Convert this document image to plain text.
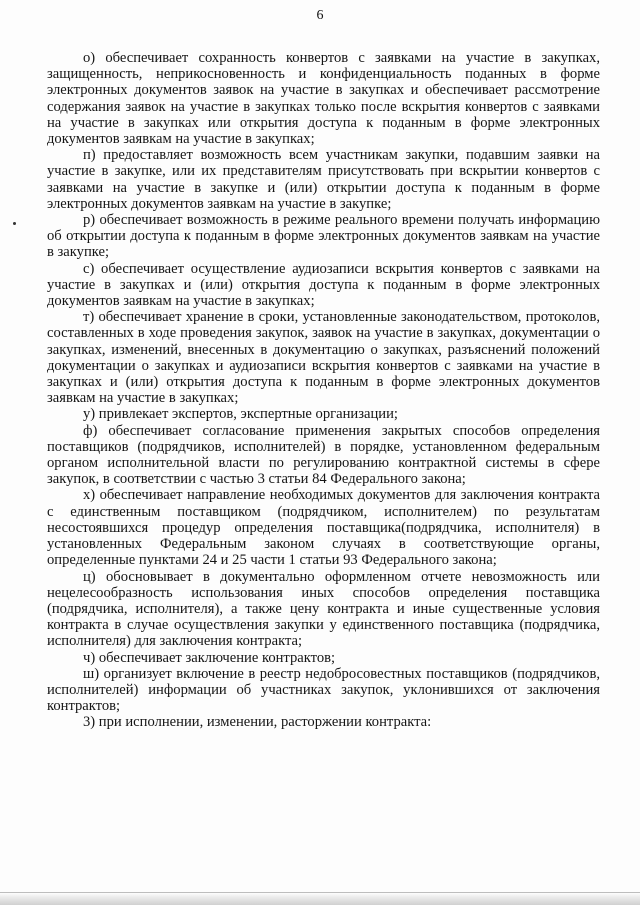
6

о) обеспечивает сохранность конвертов с заявками на участие в закупках, защищенность, неприкосновенность и конфиденциальность поданных в форме электронных документов заявок на участие в закупках и обеспечивает рассмотрение содержания заявок на участие в закупках только после вскрытия конвертов с заявками на участие в закупках или открытия доступа к поданным в форме электронных документов заявкам на участие в закупках;

п) предоставляет возможность всем участникам закупки, подавшим заявки на участие в закупке, или их представителям присутствовать при вскрытии конвертов с заявками на участие в закупке и (или) открытии доступа к поданным в форме электронных документов заявкам на участие в закупке;

р) обеспечивает возможность в режиме реального времени получать информацию об открытии доступа к поданным в форме электронных документов заявкам на участие в закупке;

с) обеспечивает осуществление аудиозаписи вскрытия конвертов с заявками на участие в закупках и (или) открытия доступа к поданным в форме электронных документов заявкам на участие в закупках;

т) обеспечивает хранение в сроки, установленные законодательством, протоколов, составленных в ходе проведения закупок, заявок на участие в закупках, документации о закупках, изменений, внесенных в документацию о закупках, разъяснений положений документации о закупках и аудиозаписи вскрытия конвертов с заявками на участие в закупках и (или) открытия доступа к поданным в форме электронных документов заявкам на участие в закупках;

у) привлекает экспертов, экспертные организации;

ф) обеспечивает согласование применения закрытых способов определения поставщиков (подрядчиков, исполнителей) в порядке, установленном федеральным органом исполнительной власти по регулированию контрактной системы в сфере закупок, в соответствии с частью 3 статьи 84 Федерального закона;

х) обеспечивает направление необходимых документов для заключения контракта с единственным поставщиком (подрядчиком, исполнителем) по результатам несостоявшихся процедур определения поставщика(подрядчика, исполнителя) в установленных Федеральным законом случаях в соответствующие органы, определенные пунктами 24 и 25 части 1 статьи 93 Федерального закона;

ц) обосновывает в документально оформленном отчете невозможность или нецелесообразность использования иных способов определения поставщика (подрядчика, исполнителя), а также цену контракта и иные существенные условия контракта в случае осуществления закупки у единственного поставщика (подрядчика, исполнителя) для заключения контракта;

ч) обеспечивает заключение контрактов;

ш) организует включение в реестр недобросовестных поставщиков (подрядчиков, исполнителей) информации об участниках закупок, уклонившихся от заключения контрактов;

3) при исполнении, изменении, расторжении контракта:
